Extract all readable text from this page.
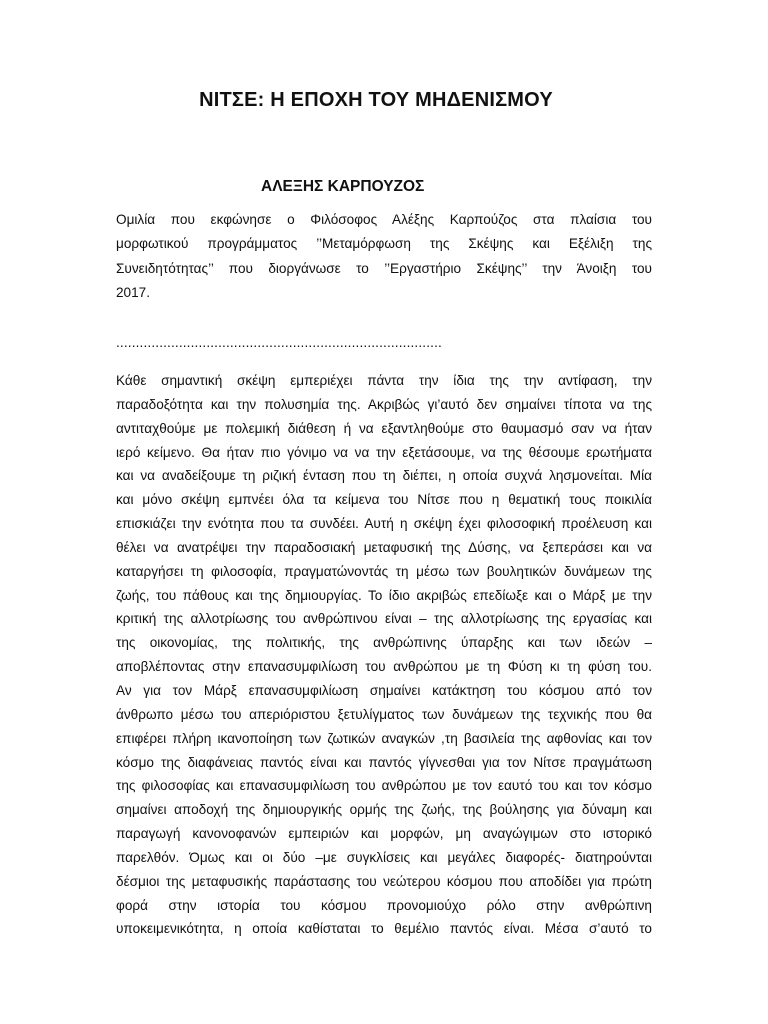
ΝΙΤΣΕ: Η ΕΠΟΧΗ ΤΟΥ ΜΗΔΕΝΙΣΜΟΥ
ΑΛΕΞΗΣ ΚΑΡΠΟΥΖΟΣ
Ομιλία που εκφώνησε ο Φιλόσοφος Αλέξης Καρπούζος στα πλαίσια του
μορφωτικού προγράμματος ’’Μεταμόρφωση της Σκέψης και Εξέλιξη της
Συνειδητότητας’’ που διοργάνωσε το ’’Εργαστήριο Σκέψης’’ την Άνοιξη του
2017.
...................................................................................
Κάθε σημαντική σκέψη εμπεριέχει πάντα την ίδια της την αντίφαση, την
παραδοξότητα και την πολυσημία της. Ακριβώς γι’αυτό δεν σημαίνει τίποτα να της
αντιταχθούμε με πολεμική διάθεση ή να εξαντληθούμε στο θαυμασμό σαν να ήταν
ιερό κείμενο. Θα ήταν πιο γόνιμο να να την εξετάσουμε, να της θέσουμε ερωτήματα
και να αναδείξουμε τη ριζική ένταση που τη διέπει, η οποία συχνά λησμονείται. Μία
και μόνο σκέψη εμπνέει όλα τα κείμενα του Νίτσε που η θεματική τους ποικιλία
επισκιάζει την ενότητα που τα συνδέει. Αυτή η σκέψη έχει φιλοσοφική προέλευση και
θέλει να ανατρέψει την παραδοσιακή μεταφυσική της Δύσης, να ξεπεράσει και να
καταργήσει τη φιλοσοφία, πραγματώνοντάς τη μέσω των βουλητικών δυνάμεων της
ζωής, του πάθους και της δημιουργίας. Το ίδιο ακριβώς επεδίωξε και ο Μάρξ με την
κριτική της αλλοτρίωσης του ανθρώπινου είναι – της αλλοτρίωσης της εργασίας και
της οικονομίας, της πολιτικής, της ανθρώπινης ύπαρξης και των ιδεών –
αποβλέποντας στην επανασυμφιλίωση του ανθρώπου με τη Φύση κι τη φύση του.
Αν για τον Μάρξ επανασυμφιλίωση σημαίνει κατάκτηση του κόσμου από τον
άνθρωπο μέσω του απεριόριστου ξετυλίγματος των δυνάμεων της τεχνικής που θα
επιφέρει πλήρη ικανοποίηση των ζωτικών αναγκών ,τη βασιλεία της αφθονίας και τον
κόσμο της διαφάνειας παντός είναι και παντός γίγνεσθαι για τον Νίτσε πραγμάτωση
της φιλοσοφίας και επανασυμφιλίωση του ανθρώπου με τον εαυτό του και τον κόσμο
σημαίνει αποδοχή της δημιουργικής ορμής της ζωής, της βούλησης για δύναμη και
παραγωγή κανονοφανών εμπειριών και μορφών, μη αναγώγιμων στο ιστορικό
παρελθόν. Όμως και οι δύο –με συγκλίσεις και μεγάλες διαφορές- διατηρούνται
δέσμιοι της μεταφυσικής παράστασης του νεώτερου κόσμου που αποδίδει για πρώτη
φορά στην ιστορία του κόσμου προνομιούχο ρόλο στην ανθρώπινη
υποκειμενικότητα, η οποία καθίσταται το θεμέλιο παντός είναι. Μέσα σ’αυτό το
